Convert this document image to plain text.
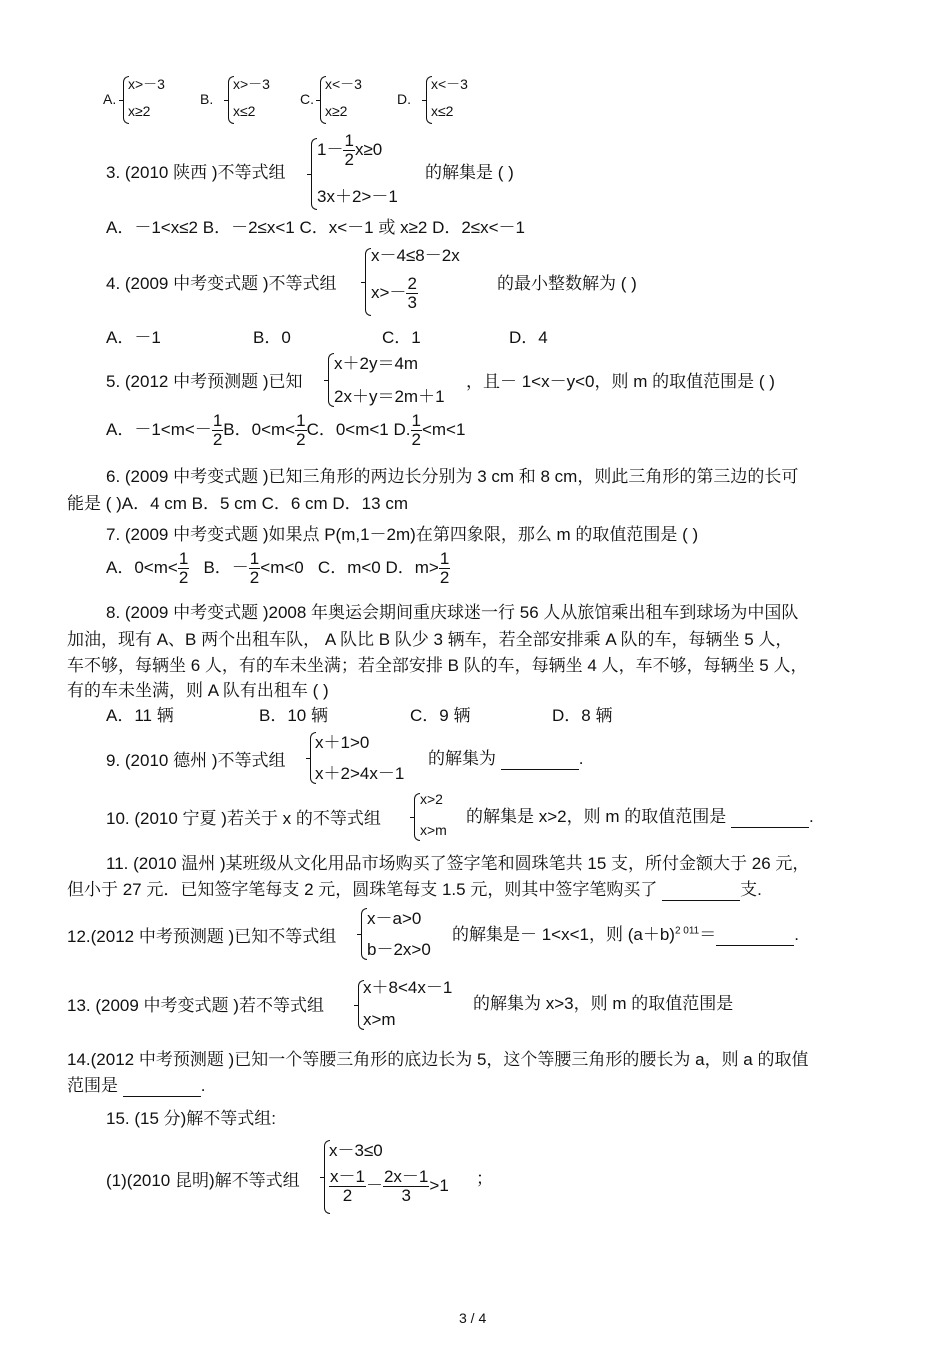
A.
x>－3
x≥2
B.
x>－3
x≤2
C.
x<－3
x≥2
D.
x<－3
x≤2
3. (2010 陕西 )不等式组
$1- \frac{1}{2} x\ge 0$
3x＋2>－1
的解集是 ( )
A．－1<x≤2 B．－2≤x<1 C．x<－1 或 x≥2 D．2≤x<－1
4. (2009 中考变式题 )不等式组
x－4≤8－2x
$x>- \frac{2}{3}$	的最小整数解为 ( )
A．－1	B．0	C．1	D．4
5. (2012 中考预测题 )已知
x＋2y＝4m
2x＋y＝2m＋1
，且－ 1<x－y<0，则 m 的取值范围是 ( )
A．$-1<m<- \frac{1}{2}$ B．$0<m< \frac{1}{2}$ C．0<m<1 D. $\frac{1}{2} <m<1$
6. (2009 中考变式题 )已知三角形的两边长分别为 3 cm 和 8 cm，则此三角形的第三边的长可
能是 ( )A．4 cm B．5 cm C．6 cm D．13 cm
7. (2009 中考变式题 )如果点 P(m,1－2m)在第四象限，那么 m 的取值范围是 ( )
A．$0<m< \frac{1}{2}$ B．－ $\frac{1}{2} <m<0$ C．m<0 D．$m> \frac{1}{2}$
8. (2009 中考变式题 )2008 年奥运会期间重庆球迷一行 56 人从旅馆乘出租车到球场为中国队
加油，现有 A、B 两个出租车队， A 队比 B 队少 3 辆车，若全部安排乘 A 队的车，每辆坐 5 人，
车不够，每辆坐 6 人，有的车未坐满；若全部安排 B 队的车，每辆坐 4 人，车不够，每辆坐 5 人，
有的车未坐满，则 A 队有出租车 ( )
A．11 辆	B．10 辆	C．9 辆	D．8 辆
9. (2010 德州 )不等式组
x＋1>0
x＋2>4x－1
的解集为	.
10. (2010 宁夏 )若关于 x 的不等式组
x>2
x>m
的解集是 x>2，则 m 的取值范围是	.
11. (2010 温州 )某班级从文化用品市场购买了签字笔和圆珠笔共 15 支，所付金额大于 26 元，
但小于 27 元．已知签字笔每支 2 元，圆珠笔每支 1.5 元，则其中签字笔购买了	支.
12.(2012 中考预测题 )已知不等式组
x－a>0
b－2x>0
的解集是－ 1<x<1，则 $(a+b)^{2 011}=$	.
13. (2009 中考变式题 )若不等式组
x＋8<4x－1
x>m
的解集为 x>3，则 m 的取值范围是
14.(2012 中考预测题 )已知一个等腰三角形的底边长为 5，这个等腰三角形的腰长为 a，则 a 的取值
范围是	.
15. (15 分)解不等式组:
(1)(2010 昆明)解不等式组
x－3≤0
$\frac{x-1}{2} - \frac{2x-1}{3} >1$ ；
3 / 4
